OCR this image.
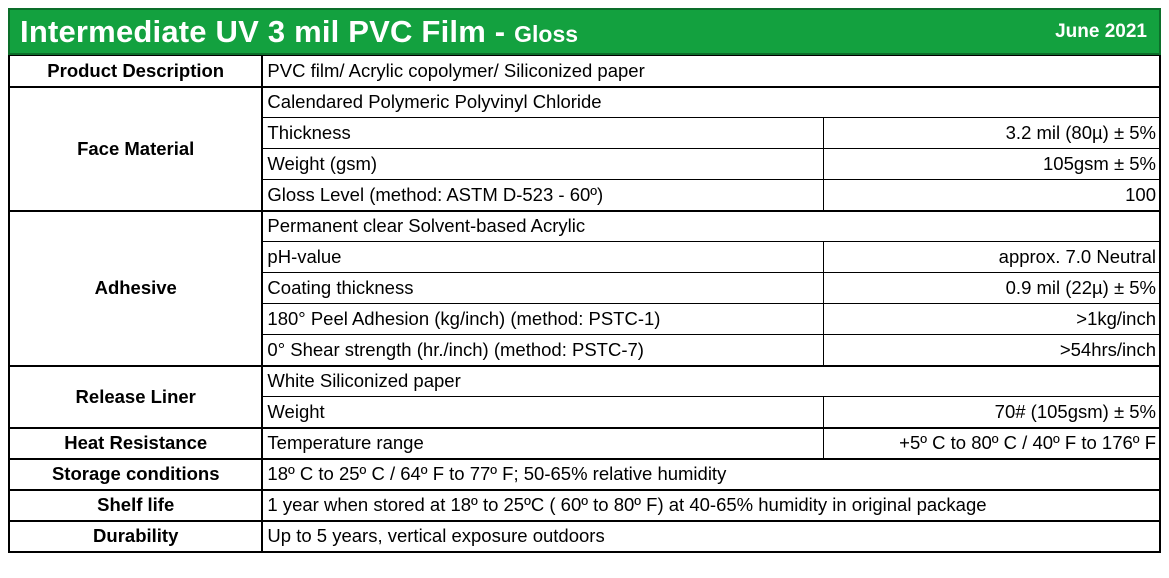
Intermediate UV 3 mil PVC Film - Gloss	June 2021
Product Description	PVC film/ Acrylic copolymer/ Siliconized paper	
Face Material	Calendared Polymeric Polyvinyl Chloride	
	Thickness	3.2 mil (80µ) ± 5%
	Weight (gsm)	105gsm ± 5%
	Gloss Level (method: ASTM D-523 - 60º)	100
Adhesive	Permanent clear Solvent-based Acrylic	
	pH-value	approx. 7.0 Neutral
	Coating thickness	0.9 mil (22µ) ± 5%
	180° Peel Adhesion (kg/inch) (method: PSTC-1)	>1kg/inch
	0° Shear strength (hr./inch) (method: PSTC-7)	>54hrs/inch
Release Liner	White Siliconized paper	
	Weight	70# (105gsm) ± 5%
Heat Resistance	Temperature range	+5º C to 80º C / 40º F to 176º F
Storage conditions	18º C to 25º C / 64º F to 77º F; 50-65% relative humidity	
Shelf life	1 year when stored at 18º to 25ºC ( 60º to 80º F) at 40-65% humidity in original package	
Durability	Up to 5 years, vertical exposure outdoors	
